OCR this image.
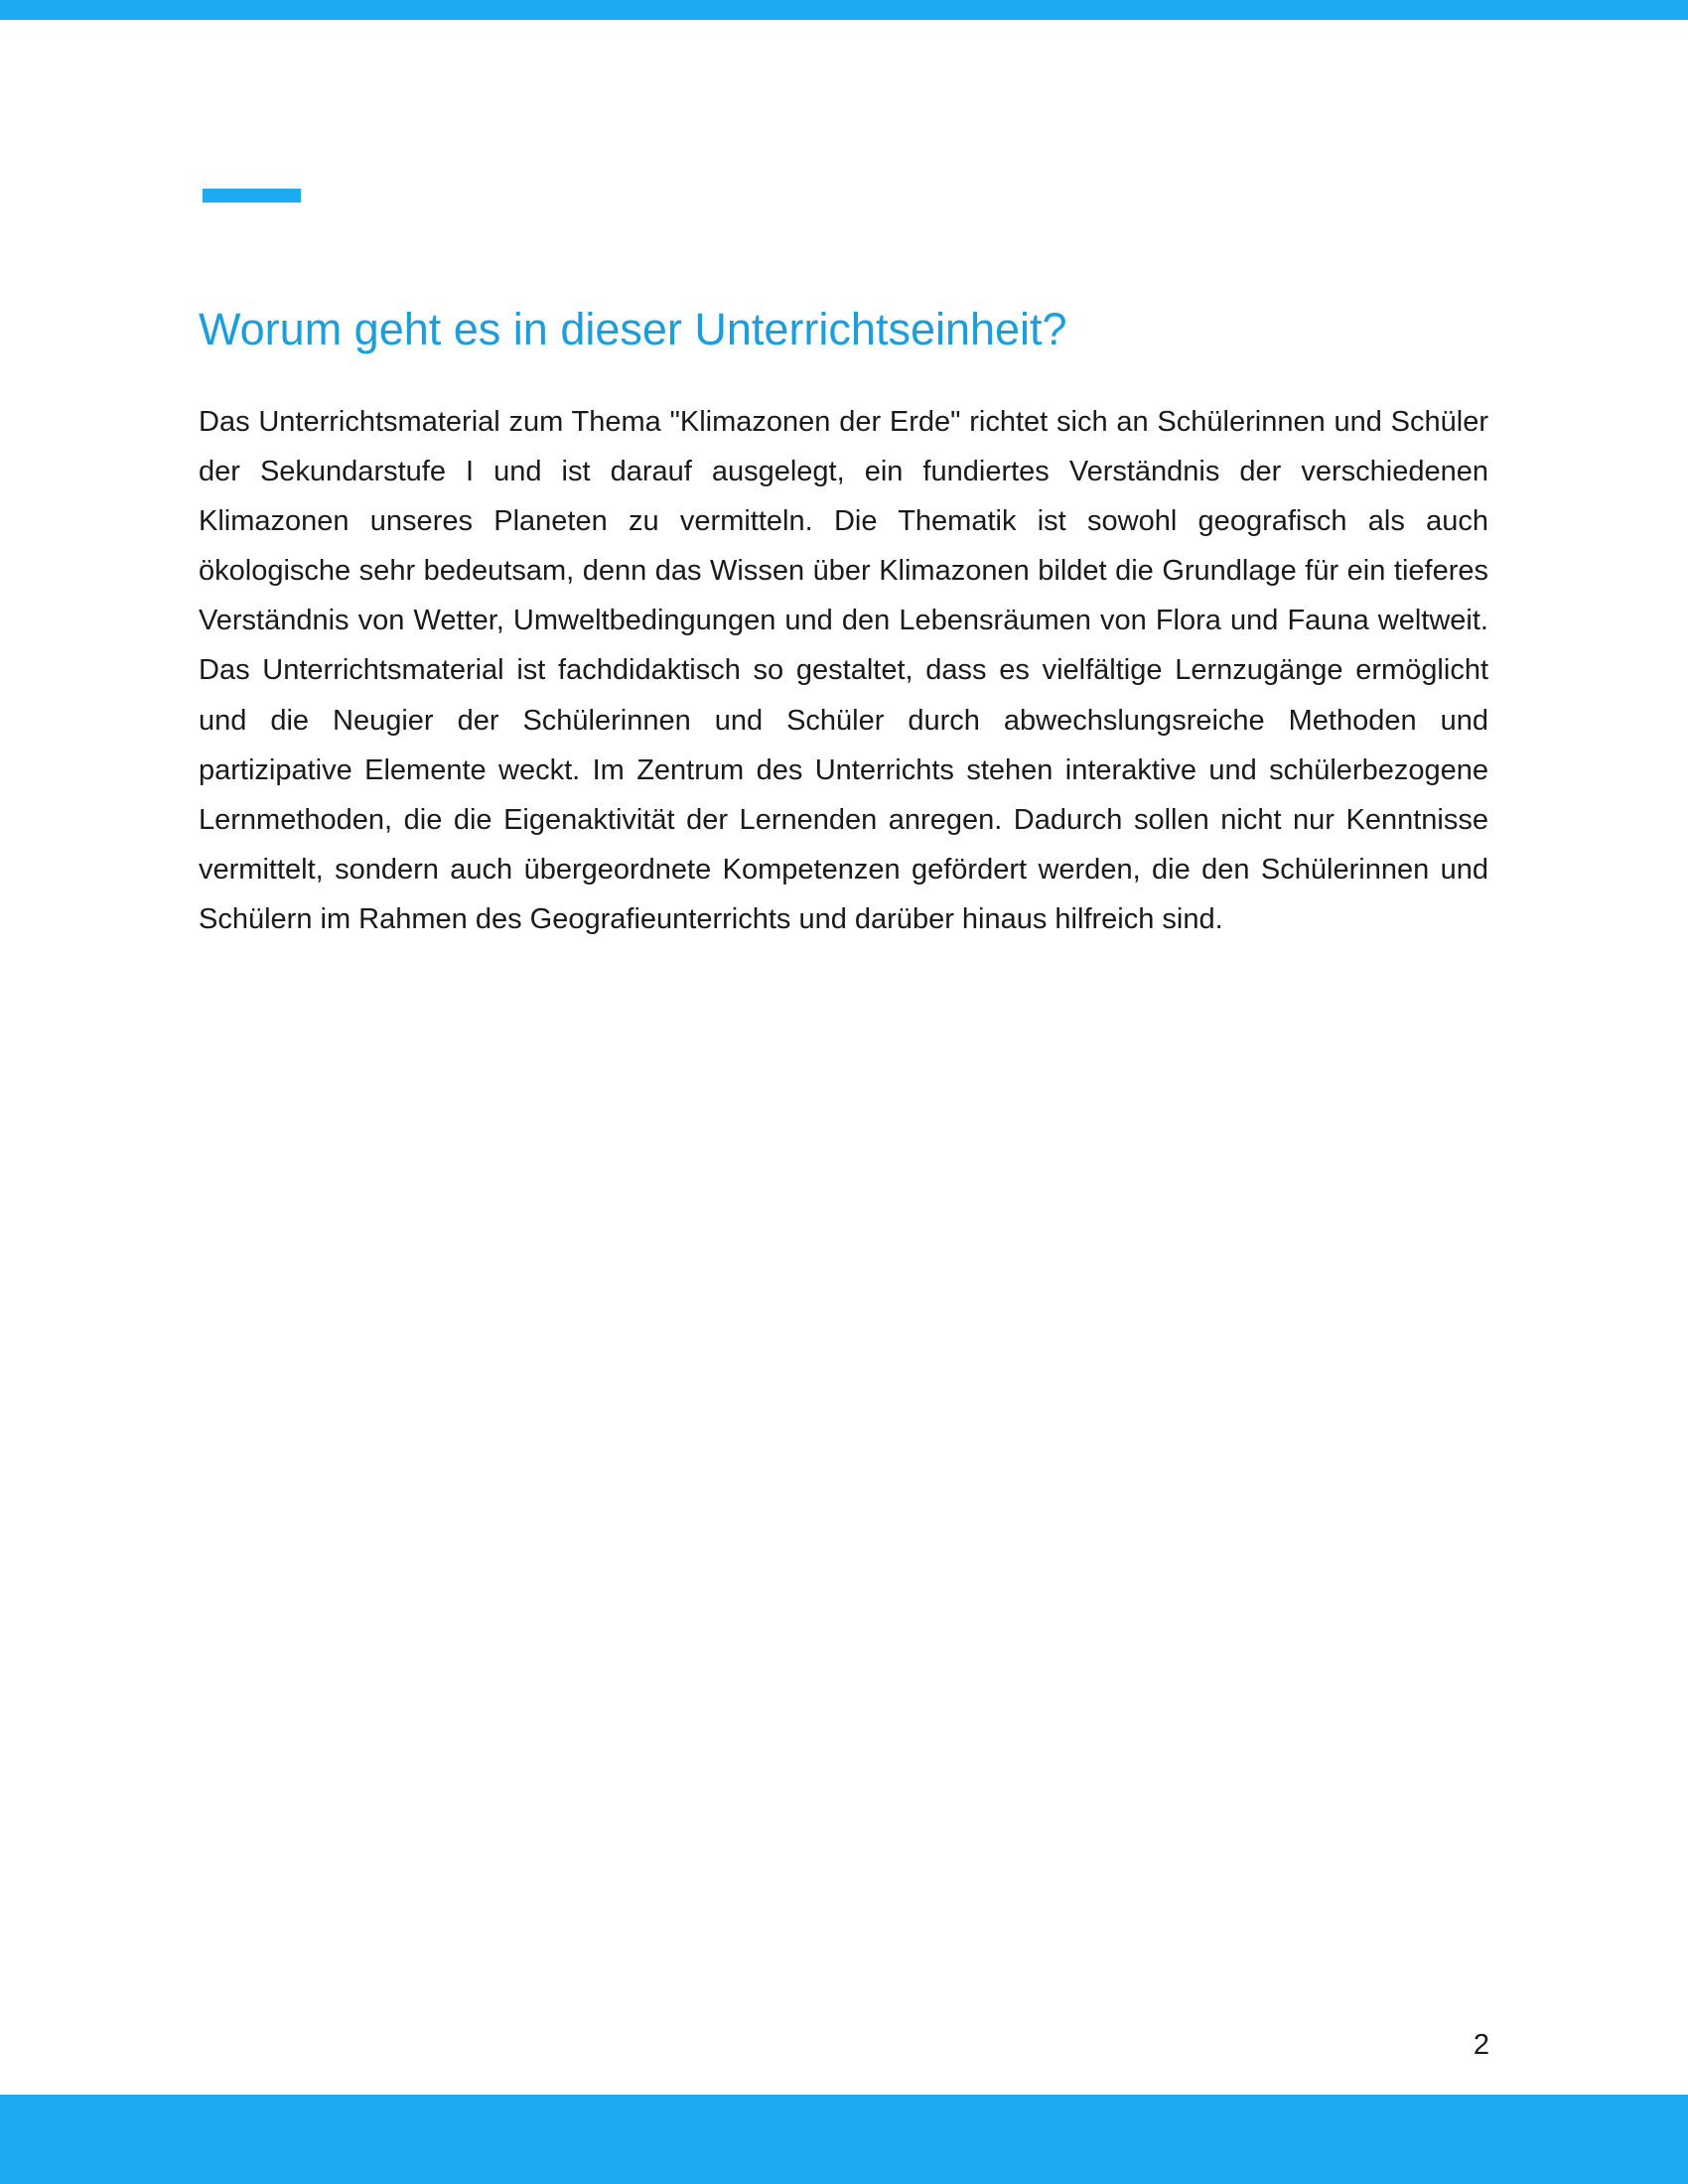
Worum geht es in dieser Unterrichtseinheit?

Das Unterrichtsmaterial zum Thema "Klimazonen der Erde" richtet sich an Schülerinnen und Schüler der Sekundarstufe I und ist darauf ausgelegt, ein fundiertes Verständnis der verschiedenen Klimazonen unseres Planeten zu vermitteln. Die Thematik ist sowohl geografisch als auch ökologische sehr bedeutsam, denn das Wissen über Klimazonen bildet die Grundlage für ein tieferes Verständnis von Wetter, Umweltbedingungen und den Lebensräumen von Flora und Fauna weltweit. Das Unterrichtsmaterial ist fachdidaktisch so gestaltet, dass es vielfältige Lernzugänge ermöglicht und die Neugier der Schülerinnen und Schüler durch abwechslungsreiche Methoden und partizipative Elemente weckt. Im Zentrum des Unterrichts stehen interaktive und schülerbezogene Lernmethoden, die die Eigenaktivität der Lernenden anregen. Dadurch sollen nicht nur Kenntnisse vermittelt, sondern auch übergeordnete Kompetenzen gefördert werden, die den Schülerinnen und Schülern im Rahmen des Geografieunterrichts und darüber hinaus hilfreich sind.

2
